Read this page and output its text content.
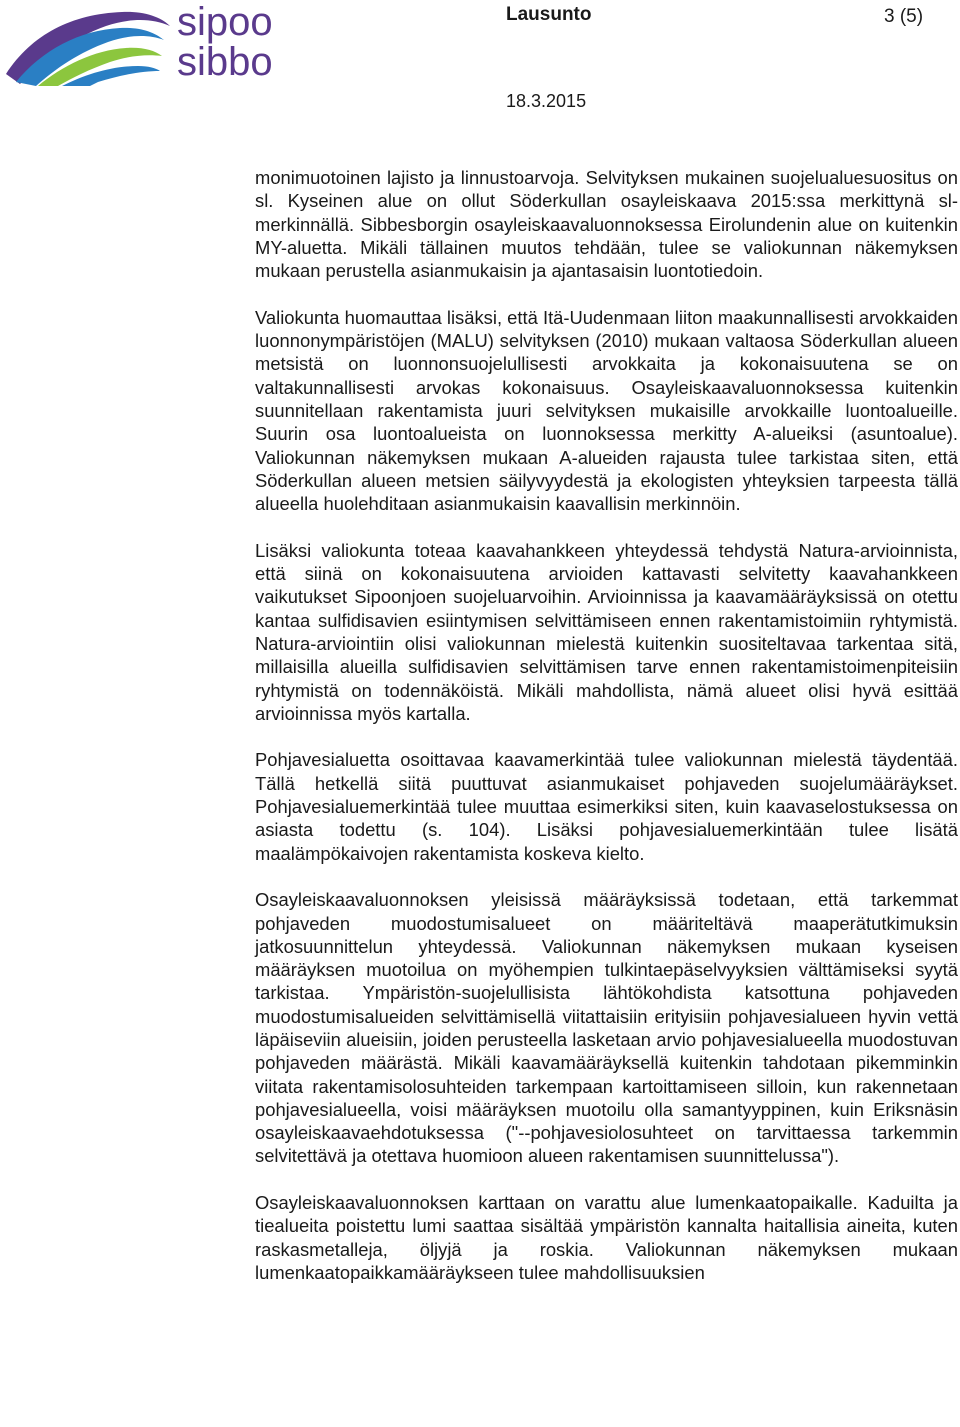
sipoo
sibbo
Lausunto	3 (5)
18.3.2015

monimuotoinen lajisto ja linnustoarvoja. Selvityksen mukainen suojelualuesuositus on sl. Kyseinen alue on ollut Söderkullan osayleiskaava 2015:ssa merkittynä sl-merkinnällä. Sibbesborgin osayleiskaavaluonnoksessa Eirolundenin alue on kuitenkin MY-aluetta. Mikäli tällainen muutos tehdään, tulee se valiokunnan näkemyksen mukaan perustella asianmukaisin ja ajantasaisin luontotiedoin.

Valiokunta huomauttaa lisäksi, että Itä-Uudenmaan liiton maakunnallisesti arvokkaiden luonnonympäristöjen (MALU) selvityksen (2010) mukaan valtaosa Söderkullan alueen metsistä on luonnonsuojelullisesti arvokkaita ja kokonaisuutena se on valtakunnallisesti arvokas kokonaisuus. Osayleiskaavaluonnoksessa kuitenkin suunnitellaan rakentamista juuri selvityksen mukaisille arvokkaille luontoalueille. Suurin osa luontoalueista on luonnoksessa merkitty A-alueiksi (asuntoalue). Valiokunnan näkemyksen mukaan A-alueiden rajausta tulee tarkistaa siten, että Söderkullan alueen metsien säilyvyydestä ja ekologisten yhteyksien tarpeesta tällä alueella huolehditaan asianmukaisin kaavallisin merkinnöin.

Lisäksi valiokunta toteaa kaavahankkeen yhteydessä tehdystä Natura-arvioinnista, että siinä on kokonaisuutena arvioiden kattavasti selvitetty kaavahankkeen vaikutukset Sipoonjoen suojeluarvoihin. Arvioinnissa ja kaavamääräyksissä on otettu kantaa sulfidisavien esiintymisen selvittämiseen ennen rakentamistoimiin ryhtymistä. Natura-arviointiin olisi valiokunnan mielestä kuitenkin suositeltavaa tarkentaa sitä, millaisilla alueilla sulfidisavien selvittämisen tarve ennen rakentamistoimenpiteisiin ryhtymistä on todennäköistä. Mikäli mahdollista, nämä alueet olisi hyvä esittää arvioinnissa myös kartalla.

Pohjavesialuetta osoittavaa kaavamerkintää tulee valiokunnan mielestä täydentää. Tällä hetkellä siitä puuttuvat asianmukaiset pohjaveden suojelumääräykset. Pohjavesialuemerkintää tulee muuttaa esimerkiksi siten, kuin kaavaselostuksessa on asiasta todettu (s. 104). Lisäksi pohjavesialuemerkintään tulee lisätä maalämpökaivojen rakentamista koskeva kielto.

Osayleiskaavaluonnoksen yleisissä määräyksissä todetaan, että tarkemmat pohjaveden muodostumisalueet on määriteltävä maaperätutkimuksin jatkosuunnittelun yhteydessä. Valiokunnan näkemyksen mukaan kyseisen määräyksen muotoilua on myöhempien tulkintaepäselvyyksien välttämiseksi syytä tarkistaa. Ympäristön-suojelullisista lähtökohdista katsottuna pohjaveden muodostumisalueiden selvittämisellä viitattaisiin erityisiin pohjavesialueen hyvin vettä läpäiseviin alueisiin, joiden perusteella lasketaan arvio pohjavesialueella muodostuvan pohjaveden määrästä. Mikäli kaavamääräyksellä kuitenkin tahdotaan pikemminkin viitata rakentamisolosuhteiden tarkempaan kartoittamiseen silloin, kun rakennetaan pohjavesialueella, voisi määräyksen muotoilu olla samantyyppinen, kuin Eriksnäsin osayleiskaavaehdotuksessa ("--pohjavesiolosuhteet on tarvittaessa tarkemmin selvitettävä ja otettava huomioon alueen rakentamisen suunnittelussa").

Osayleiskaavaluonnoksen karttaan on varattu alue lumenkaatopaikalle. Kaduilta ja tiealueita poistettu lumi saattaa sisältää ympäristön kannalta haitallisia aineita, kuten raskasmetalleja, öljyjä ja roskia. Valiokunnan näkemyksen mukaan lumenkaatopaikkamääräykseen tulee mahdollisuuksien
